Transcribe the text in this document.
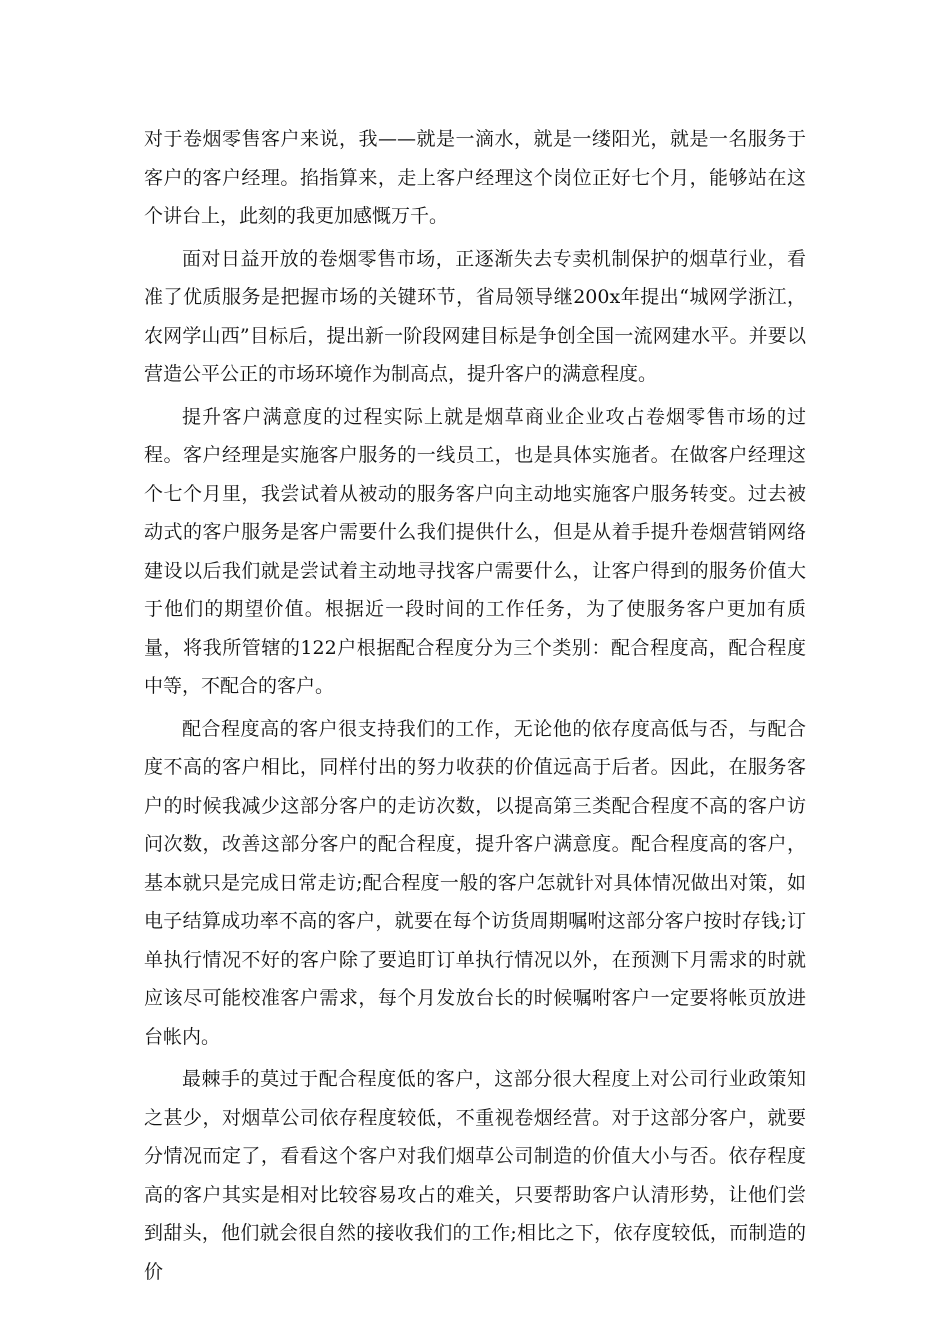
对于卷烟零售客户来说，我——就是一滴水，就是一缕阳光，就是一名服务于客户的客户经理。掐指算来，走上客户经理这个岗位正好七个月，能够站在这个讲台上，此刻的我更加感慨万千。

面对日益开放的卷烟零售市场，正逐渐失去专卖机制保护的烟草行业，看准了优质服务是把握市场的关键环节，省局领导继200x年提出“城网学浙江，农网学山西”目标后，提出新一阶段网建目标是争创全国一流网建水平。并要以营造公平公正的市场环境作为制高点，提升客户的满意程度。

提升客户满意度的过程实际上就是烟草商业企业攻占卷烟零售市场的过程。客户经理是实施客户服务的一线员工，也是具体实施者。在做客户经理这个七个月里，我尝试着从被动的服务客户向主动地实施客户服务转变。过去被动式的客户服务是客户需要什么我们提供什么，但是从着手提升卷烟营销网络建设以后我们就是尝试着主动地寻找客户需要什么，让客户得到的服务价值大于他们的期望价值。根据近一段时间的工作任务，为了使服务客户更加有质量，将我所管辖的122户根据配合程度分为三个类别：配合程度高，配合程度中等，不配合的客户。

配合程度高的客户很支持我们的工作，无论他的依存度高低与否，与配合度不高的客户相比，同样付出的努力收获的价值远高于后者。因此，在服务客户的时候我减少这部分客户的走访次数，以提高第三类配合程度不高的客户访问次数，改善这部分客户的配合程度，提升客户满意度。配合程度高的客户，基本就只是完成日常走访;配合程度一般的客户怎就针对具体情况做出对策，如电子结算成功率不高的客户，就要在每个访货周期嘱咐这部分客户按时存钱;订单执行情况不好的客户除了要追盯订单执行情况以外，在预测下月需求的时就应该尽可能校准客户需求，每个月发放台长的时候嘱咐客户一定要将帐页放进台帐内。

最棘手的莫过于配合程度低的客户，这部分很大程度上对公司行业政策知之甚少，对烟草公司依存程度较低，不重视卷烟经营。对于这部分客户，就要分情况而定了，看看这个客户对我们烟草公司制造的价值大小与否。依存程度高的客户其实是相对比较容易攻占的难关，只要帮助客户认清形势，让他们尝到甜头，他们就会很自然的接收我们的工作;相比之下，依存度较低，而制造的价
